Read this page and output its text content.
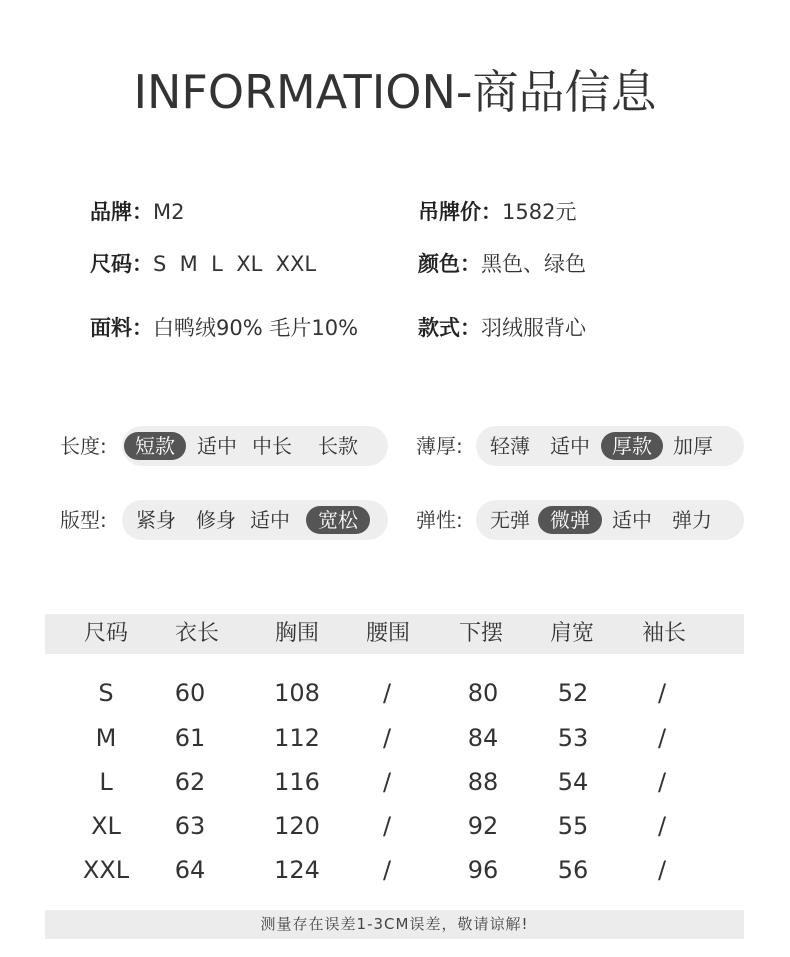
INFORMATION-商品信息
品牌：M2	吊牌价：1582元
尺码：S  M  L  XL  XXL	颜色：黑色、绿色
面料：白鸭绒90% 毛片10%	款式：羽绒服背心
长度:	短款	适中 中长 长款	薄厚: 轻薄 适中	厚款	加厚
版型: 紧身 修身 适中	宽松	弹性: 无弹	微弹	适中 弹力
尺码	衣长	胸围	腰围	下摆	肩宽	袖长
S	60	108	/	80	52	/
M	61	112	/	84	53	/
L	62	116	/	88	54	/
XL	63	120	/	92	55	/
XXL	64	124	/	96	56	/
测量存在误差1-3CM误差，敬请谅解!
